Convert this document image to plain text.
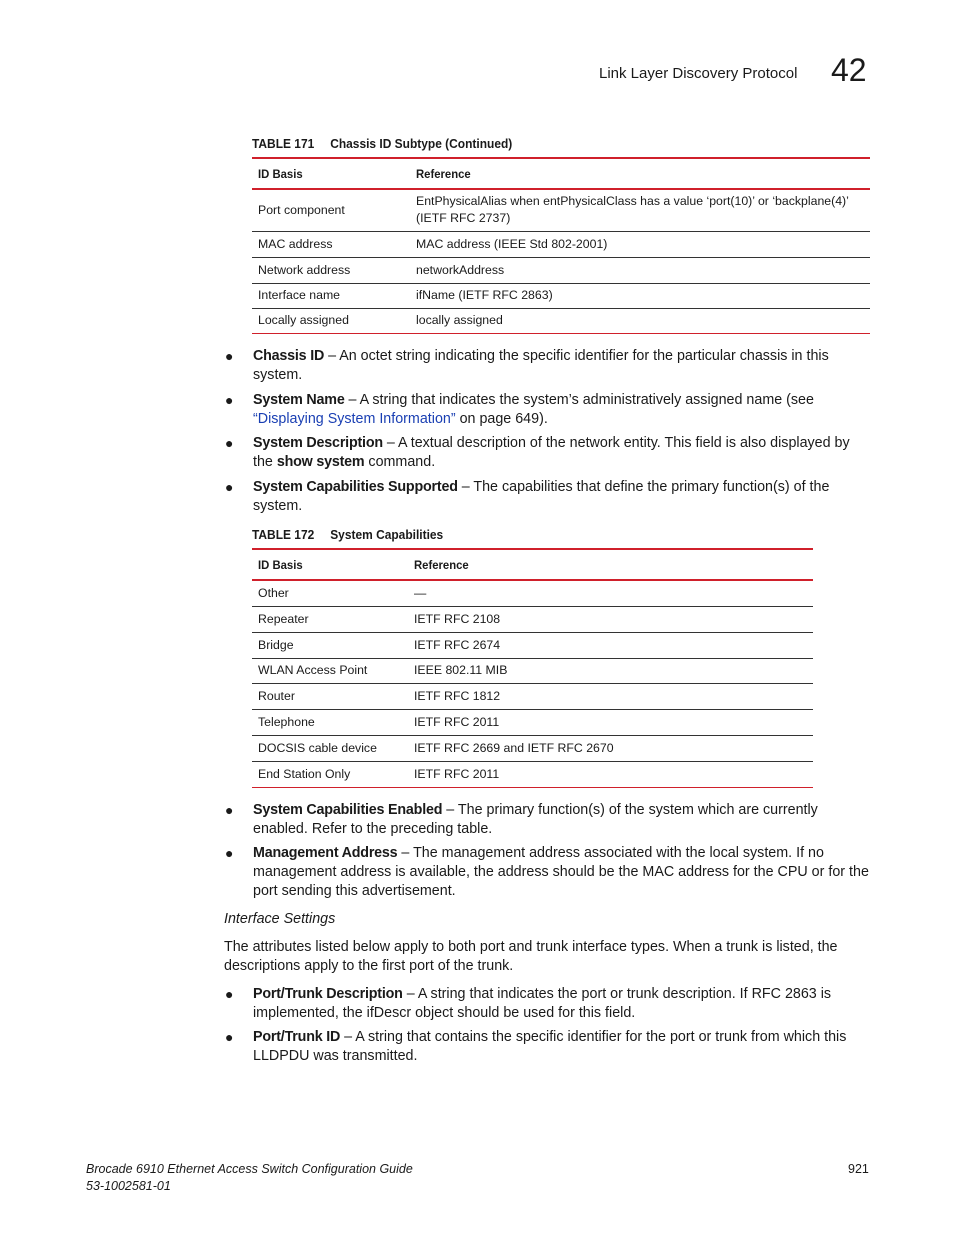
Link Layer Discovery Protocol 42
TABLE 171 Chassis ID Subtype (Continued)
ID Basis	Reference
Port component	EntPhysicalAlias when entPhysicalClass has a value ‘port(10)’ or ‘backplane(4)’ (IETF RFC 2737)
MAC address	MAC address (IEEE Std 802-2001)
Network address	networkAddress
Interface name	ifName (IETF RFC 2863)
Locally assigned	locally assigned
● Chassis ID – An octet string indicating the specific identifier for the particular chassis in this system.
● System Name – A string that indicates the system’s administratively assigned name (see “Displaying System Information” on page 649).
● System Description – A textual description of the network entity. This field is also displayed by the show system command.
● System Capabilities Supported – The capabilities that define the primary function(s) of the system.
TABLE 172 System Capabilities
ID Basis	Reference
Other	—
Repeater	IETF RFC 2108
Bridge	IETF RFC 2674
WLAN Access Point	IEEE 802.11 MIB
Router	IETF RFC 1812
Telephone	IETF RFC 2011
DOCSIS cable device	IETF RFC 2669 and IETF RFC 2670
End Station Only	IETF RFC 2011
● System Capabilities Enabled – The primary function(s) of the system which are currently enabled. Refer to the preceding table.
● Management Address – The management address associated with the local system. If no management address is available, the address should be the MAC address for the CPU or for the port sending this advertisement.
Interface Settings
The attributes listed below apply to both port and trunk interface types. When a trunk is listed, the descriptions apply to the first port of the trunk.
● Port/Trunk Description – A string that indicates the port or trunk description. If RFC 2863 is implemented, the ifDescr object should be used for this field.
● Port/Trunk ID – A string that contains the specific identifier for the port or trunk from which this LLDPDU was transmitted.
Brocade 6910 Ethernet Access Switch Configuration Guide
53-1002581-01
921
